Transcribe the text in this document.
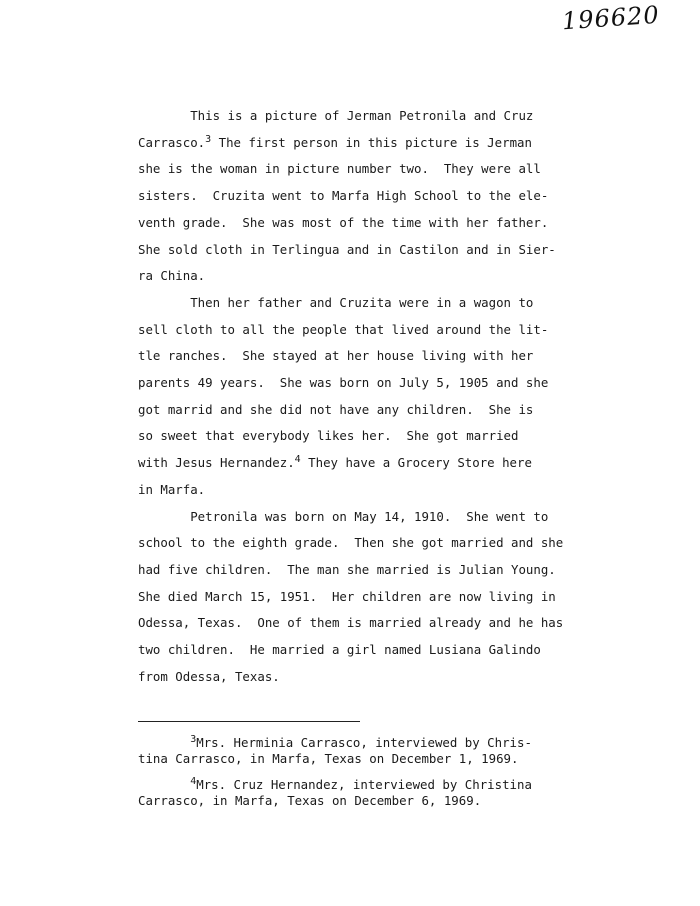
196620
This is a picture of Jerman Petronila and Cruz
Carrasco.$^3$ The first person in this picture is Jerman
she is the woman in picture number two.  They were all
sisters.  Cruzita went to Marfa High School to the ele-
venth grade.  She was most of the time with her father.
She sold cloth in Terlingua and in Castilon and in Sier-
ra China.
Then her father and Cruzita were in a wagon to
sell cloth to all the people that lived around the lit-
tle ranches.  She stayed at her house living with her
parents 49 years.  She was born on July 5, 1905 and she
got marrid and she did not have any children.  She is
so sweet that everybody likes her.  She got married
with Jesus Hernandez.$^4$ They have a Grocery Store here
in Marfa.
Petronila was born on May 14, 1910.  She went to
school to the eighth grade.  Then she got married and she
had five children.  The man she married is Julian Young.
She died March 15, 1951.  Her children are now living in
Odessa, Texas.  One of them is married already and he has
two children.  He married a girl named Lusiana Galindo
from Odessa, Texas.
$^3$Mrs. Herminia Carrasco, interviewed by Chris-
tina Carrasco, in Marfa, Texas on December 1, 1969.
$^4$Mrs. Cruz Hernandez, interviewed by Christina
Carrasco, in Marfa, Texas on December 6, 1969.
